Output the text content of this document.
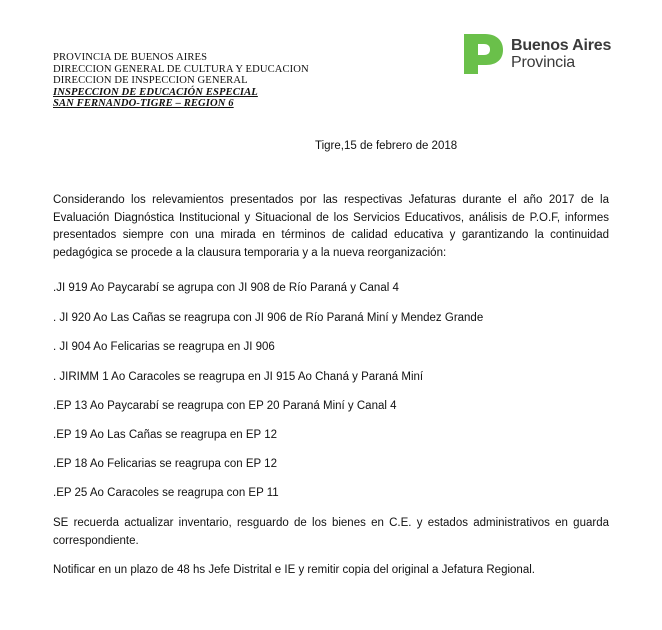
PROVINCIA DE BUENOS AIRES
DIRECCION GENERAL DE CULTURA Y EDUCACION
DIRECCION DE INSPECCION GENERAL
INSPECCION DE EDUCACIÓN ESPECIAL
SAN FERNANDO-TIGRE – REGION 6
Buenos Aires
Provincia
Tigre,15 de febrero de 2018
Considerando los relevamientos presentados por las respectivas Jefaturas durante el año 2017 de la
Evaluación Diagnóstica Institucional y Situacional de los Servicios Educativos, análisis de P.O.F, informes
presentados siempre con una mirada en términos de calidad educativa y garantizando la continuidad
pedagógica se procede a la clausura temporaria y a la nueva reorganización:
.JI 919 Ao Paycarabí se agrupa con JI 908 de Río Paraná y Canal 4
. JI 920 Ao Las Cañas se reagrupa con JI 906 de Río Paraná Miní y Mendez Grande
. JI 904 Ao Felicarias se reagrupa en JI 906
. JIRIMM 1 Ao Caracoles se reagrupa en JI 915 Ao Chaná y Paraná Miní
.EP 13 Ao Paycarabí se reagrupa con EP 20 Paraná Miní y Canal 4
.EP 19 Ao Las Cañas se reagrupa en EP 12
.EP 18 Ao Felicarias se reagrupa con EP 12
.EP 25 Ao Caracoles se reagrupa con EP 11
SE recuerda actualizar inventario, resguardo de los bienes en C.E. y estados administrativos en guarda
correspondiente.
Notificar en un plazo de 48 hs Jefe Distrital e IE y remitir copia del original a Jefatura Regional.
